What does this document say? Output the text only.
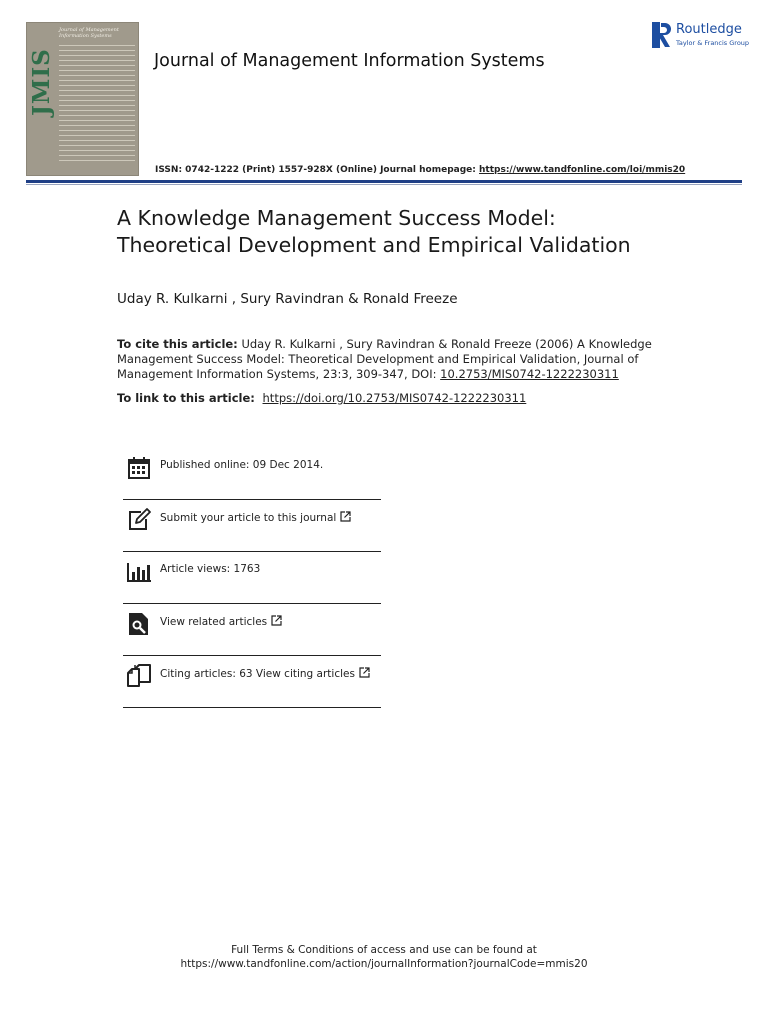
JMIS
Journal of Management Information Systems
Journal of Management Information Systems
Routledge
Taylor & Francis Group
ISSN: 0742-1222 (Print) 1557-928X (Online) Journal homepage: https://www.tandfonline.com/loi/mmis20
A Knowledge Management Success Model:
Theoretical Development and Empirical Validation
Uday R. Kulkarni , Sury Ravindran & Ronald Freeze
To cite this article: Uday R. Kulkarni , Sury Ravindran & Ronald Freeze (2006) A Knowledge Management Success Model: Theoretical Development and Empirical Validation, Journal of Management Information Systems, 23:3, 309-347, DOI: 10.2753/MIS0742-1222230311
To link to this article:  https://doi.org/10.2753/MIS0742-1222230311
Published online: 09 Dec 2014.
Submit your article to this journal
Article views: 1763
View related articles
Citing articles: 63 View citing articles
Full Terms & Conditions of access and use can be found at
https://www.tandfonline.com/action/journalInformation?journalCode=mmis20
